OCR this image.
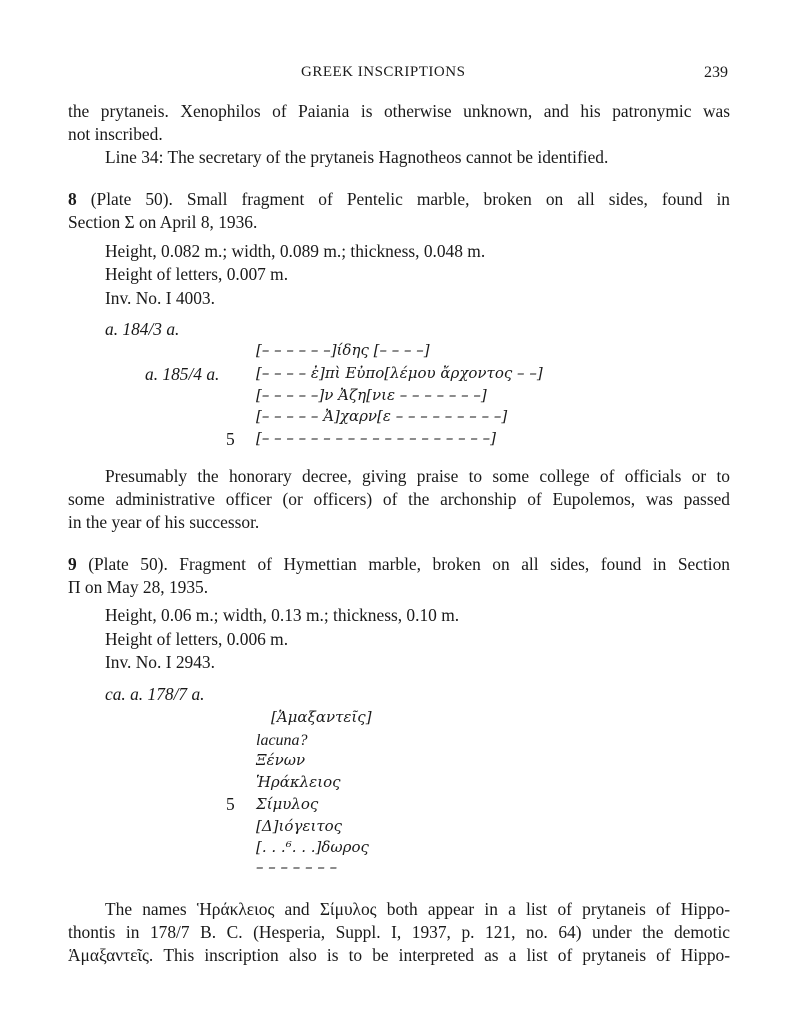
GREEK INSCRIPTIONS	239
the prytaneis. Xenophilos of Paiania is otherwise unknown, and his patronymic was
not inscribed.
Line 34: The secretary of the prytaneis Hagnotheos cannot be identified.
8 (Plate 50). Small fragment of Pentelic marble, broken on all sides, found in
Section Σ on April 8, 1936.
Height, 0.082 m.; width, 0.089 m.; thickness, 0.048 m.
Height of letters, 0.007 m.
Inv. No. I 4003.
a. 184/3 a.
a. 185/4 a.
5
[– – – – – –]ίδης [– – – –]
[– – – – ἐ]πὶ Εὐπο[λέμου ἄρχοντος – –]
[– – – – –]ν Ἀζη[νιε – – – – – – –]
[– – – – – Ἀ]χαρν[ε – – – – – – – – –]
[– – – – – – – – – – – – – – – – – – –]
Presumably the honorary decree, giving praise to some college of officials or to
some administrative officer (or officers) of the archonship of Eupolemos, was passed
in the year of his successor.
9 (Plate 50). Fragment of Hymettian marble, broken on all sides, found in Section
Π on May 28, 1935.
Height, 0.06 m.; width, 0.13 m.; thickness, 0.10 m.
Height of letters, 0.006 m.
Inv. No. I 2943.
ca. a. 178/7 a.
5
[Ἁμαξαντεῖς]
lacuna?
Ξένων
Ἡράκλειος
Σίμυλος
[Δ]ιόγειτος
[. . .⁶. . .]δωρος
– – – – – – –
The names Ἡράκλειος and Σίμυλος both appear in a list of prytaneis of Hippo-
thontis in 178/7 B. C. (Hesperia, Suppl. I, 1937, p. 121, no. 64) under the demotic
Ἁμαξαντεῖς. This inscription also is to be interpreted as a list of prytaneis of Hippo-
